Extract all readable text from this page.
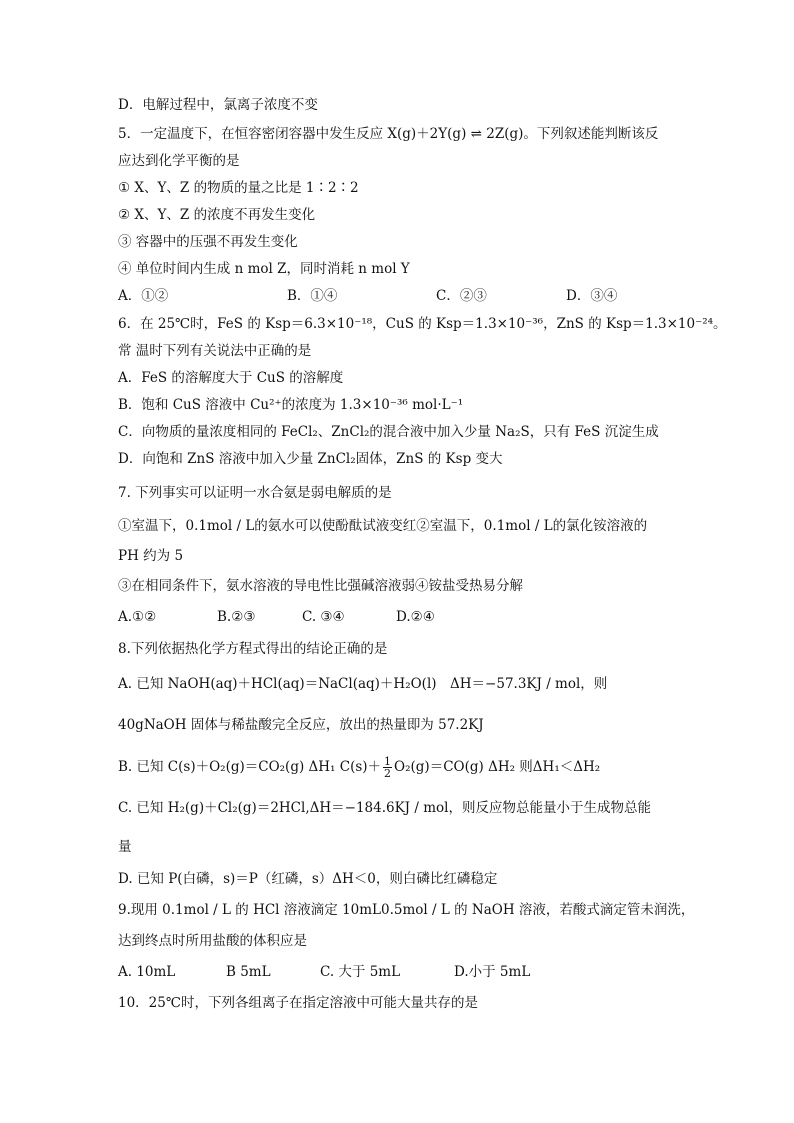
D．电解过程中，氯离子浓度不变
5．一定温度下，在恒容密闭容器中发生反应 X(g)＋2Y(g) ⇌ 2Z(g)。下列叙述能判断该反
应达到化学平衡的是
① X、Y、Z 的物质的量之比是 1∶2∶2
② X、Y、Z 的浓度不再发生变化
③ 容器中的压强不再发生变化
④ 单位时间内生成 n mol Z，同时消耗 n mol Y
A．①②	B．①④	C．②③	D．③④
6．在 25℃时，FeS 的 Ksp＝6.3×10⁻¹⁸，CuS 的 Ksp＝1.3×10⁻³⁶，ZnS 的 Ksp＝1.3×10⁻²⁴。
常 温时下列有关说法中正确的是
A．FeS 的溶解度大于 CuS 的溶解度
B．饱和 CuS 溶液中 Cu²⁺的浓度为 1.3×10⁻³⁶ mol·L⁻¹
C．向物质的量浓度相同的 FeCl₂、ZnCl₂的混合液中加入少量 Na₂S，只有 FeS 沉淀生成
D．向饱和 ZnS 溶液中加入少量 ZnCl₂固体，ZnS 的 Ksp 变大
7. 下列事实可以证明一水合氨是弱电解质的是
①室温下，0.1mol / L的氨水可以使酚酞试液变红②室温下，0.1mol / L的氯化铵溶液的
PH 约为 5
③在相同条件下，氨水溶液的导电性比强碱溶液弱④铵盐受热易分解
A.①②	B.②③	C. ③④	D.②④
8.下列依据热化学方程式得出的结论正确的是
A. 已知 NaOH(aq)＋HCl(aq)＝NaCl(aq)＋H₂O(l)　ΔH＝−57.3KJ / mol，则
40gNaOH 固体与稀盐酸完全反应，放出的热量即为 57.2KJ
B. 已知 C(s)＋O₂(g)＝CO₂(g) ΔH₁ $C(s)+ \frac{1}{2} O_2(g)=CO(g)$ ΔH₂ 则ΔH₁＜ΔH₂
C. 已知 H₂(g)＋Cl₂(g)＝2HCl,ΔH＝−184.6KJ / mol，则反应物总能量小于生成物总能
量
D. 已知 P(白磷，s)＝P（红磷，s）ΔH＜0，则白磷比红磷稳定
9.现用 0.1mol / L 的 HCl 溶液滴定 10mL0.5mol / L 的 NaOH 溶液，若酸式滴定管未润洗，
达到终点时所用盐酸的体积应是
A. 10mL	B 5mL	C. 大于 5mL	D.小于 5mL
10．25℃时，下列各组离子在指定溶液中可能大量共存的是
